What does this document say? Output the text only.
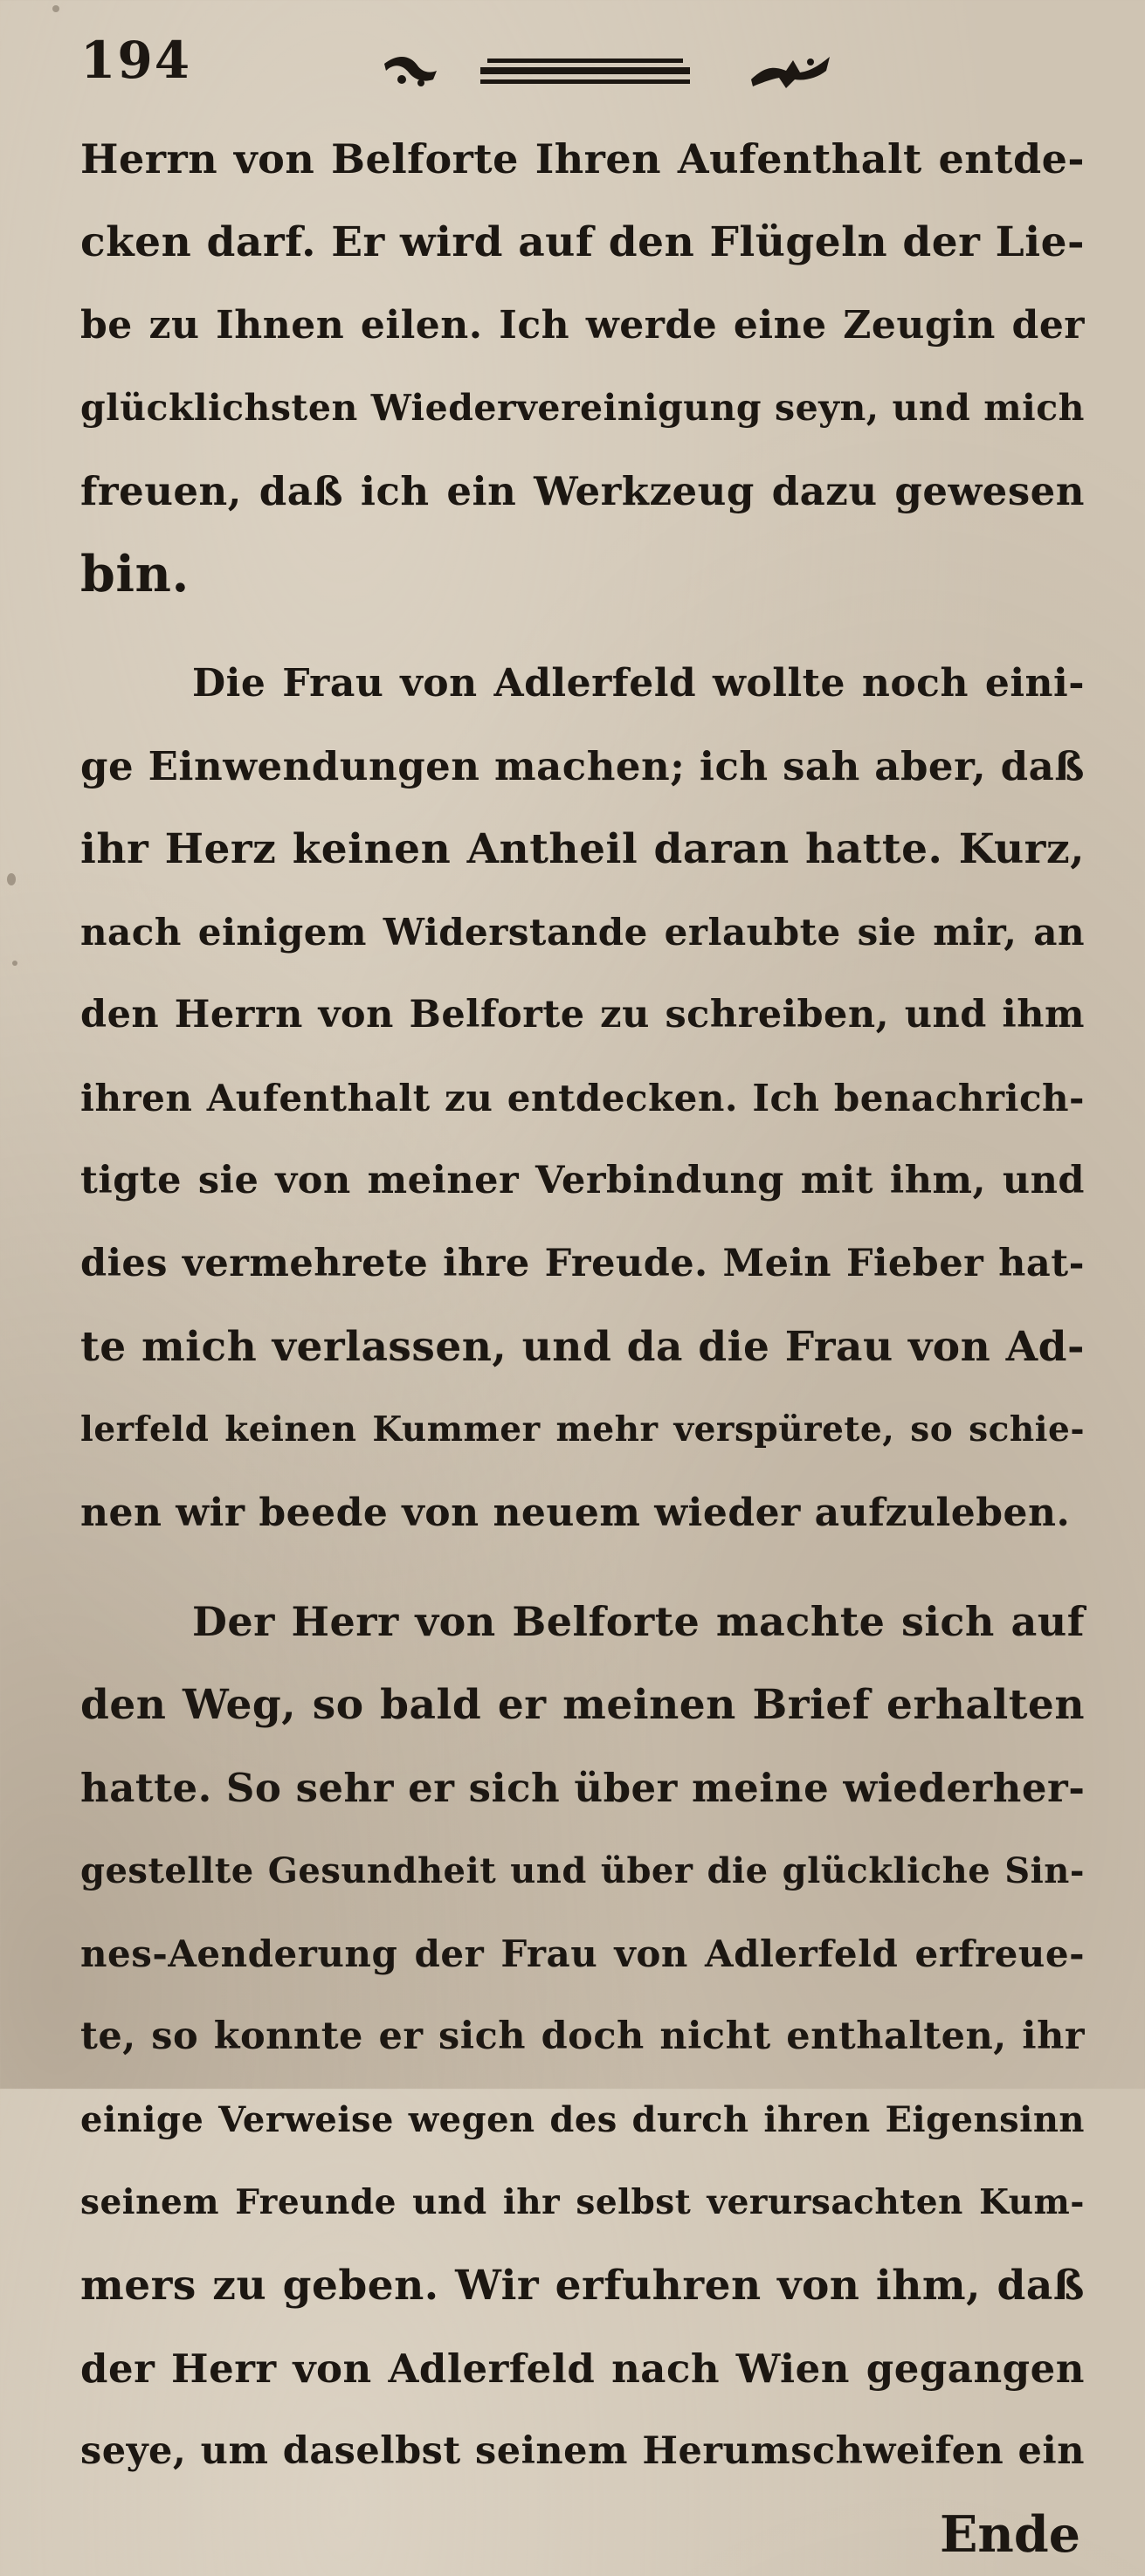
194
Herrn von Belforte Ihren Aufenthalt entde-
cken darf. Er wird auf den Flügeln der Lie-
be zu Ihnen eilen. Ich werde eine Zeugin der
glücklichsten Wiedervereinigung seyn, und mich
freuen, daß ich ein Werkzeug dazu gewesen
bin.
Die Frau von Adlerfeld wollte noch eini-
ge Einwendungen machen; ich sah aber, daß
ihr Herz keinen Antheil daran hatte. Kurz,
nach einigem Widerstande erlaubte sie mir, an
den Herrn von Belforte zu schreiben, und ihm
ihren Aufenthalt zu entdecken. Ich benachrich-
tigte sie von meiner Verbindung mit ihm, und
dies vermehrete ihre Freude. Mein Fieber hat-
te mich verlassen, und da die Frau von Ad-
lerfeld keinen Kummer mehr verspürete, so schie-
nen wir beede von neuem wieder aufzuleben.
Der Herr von Belforte machte sich auf
den Weg, so bald er meinen Brief erhalten
hatte. So sehr er sich über meine wiederher-
gestellte Gesundheit und über die glückliche Sin-
nes-Aenderung der Frau von Adlerfeld erfreue-
te, so konnte er sich doch nicht enthalten, ihr
einige Verweise wegen des durch ihren Eigensinn
seinem Freunde und ihr selbst verursachten Kum-
mers zu geben. Wir erfuhren von ihm, daß
der Herr von Adlerfeld nach Wien gegangen
seye, um daselbst seinem Herumschweifen ein
Ende
